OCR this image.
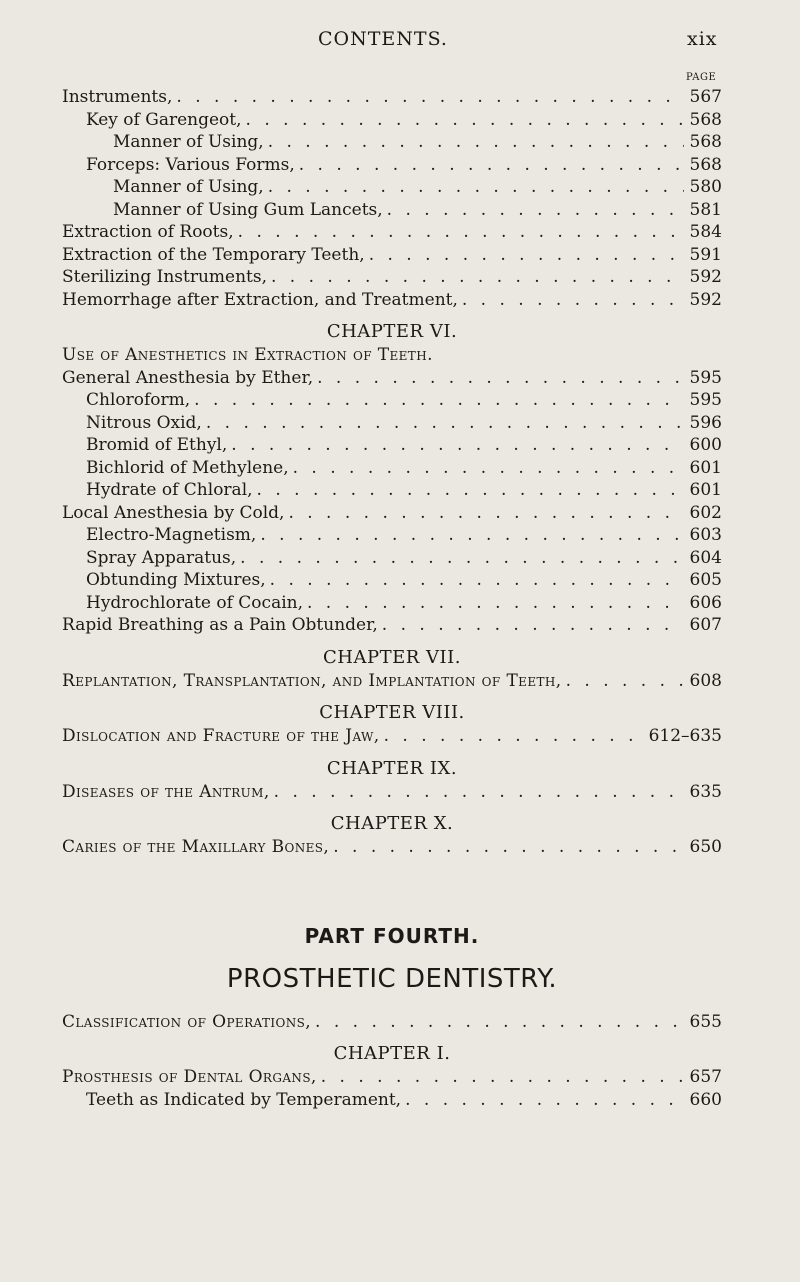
CONTENTS.	xix
PAGE
Instruments, . . .	567
Key of Garengeot, . . .	568
Manner of Using, . . .	568
Forceps: Various Forms, . . .	568
Manner of Using, . . .	580
Manner of Using Gum Lancets, . . .	581
Extraction of Roots, . . .	584
Extraction of the Temporary Teeth, . . .	591
Sterilizing Instruments, . . .	592
Hemorrhage after Extraction, and Treatment, . . .	592
CHAPTER VI.
Use of Anesthetics in Extraction of Teeth.
General Anesthesia by Ether, . . .	595
Chloroform, . . .	595
Nitrous Oxid, . . .	596
Bromid of Ethyl, . . .	600
Bichlorid of Methylene, . . .	601
Hydrate of Chloral, . . .	601
Local Anesthesia by Cold, . . .	602
Electro-Magnetism, . . .	603
Spray Apparatus, . . .	604
Obtunding Mixtures, . . .	605
Hydrochlorate of Cocain, . . .	606
Rapid Breathing as a Pain Obtunder, . . .	607
CHAPTER VII.
Replantation, Transplantation, and Implantation of Teeth, . . .	608
CHAPTER VIII.
Dislocation and Fracture of the Jaw, . . .	612–635
CHAPTER IX.
Diseases of the Antrum, . . .	635
CHAPTER X.
Caries of the Maxillary Bones, . . .	650
PART FOURTH.
PROSTHETIC DENTISTRY.
Classification of Operations, . . .	655
CHAPTER I.
Prosthesis of Dental Organs, . . .	657
Teeth as Indicated by Temperament, . . .	660
